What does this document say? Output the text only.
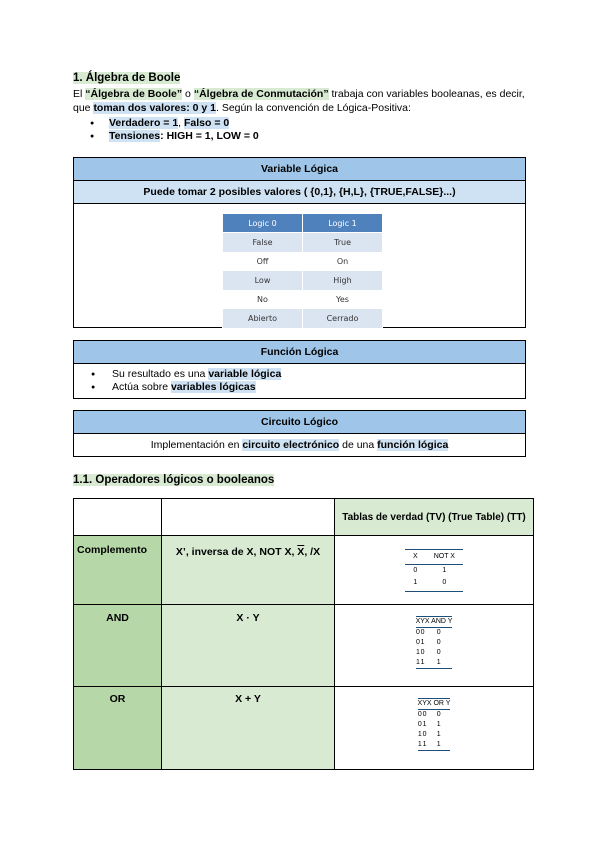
1. Álgebra de Boole
El “Álgebra de Boole” o “Álgebra de Conmutación” trabaja con variables booleanas, es decir, que toman dos valores: 0 y 1. Según la convención de Lógica-Positiva:
● Verdadero = 1, Falso = 0
● Tensiones: HIGH = 1, LOW = 0
Variable Lógica
Puede tomar 2 posibles valores ( {0,1}, {H,L}, {TRUE,FALSE}...)
Logic 0	Logic 1
False	True
Off	On
Low	High
No	Yes
Abierto	Cerrado
Función Lógica
● Su resultado es una variable lógica
● Actúa sobre variables lógicas
Circuito Lógico
Implementación en circuito electrónico de una función lógica
1.1. Operadores lógicos o booleanos
		Tablas de verdad (TV) (True Table) (TT)
Complemento	X’, inversa de X, NOT X, $\overline{X}$, /X		X	NOT X
0	1
1	0

AND	X · Y		X	Y	X AND Y
0	0	0
0	1	0
1	0	0
1	1	1

OR	X + Y		X	Y	X OR Y
0	0	0
0	1	1
1	0	1
1	1	1
